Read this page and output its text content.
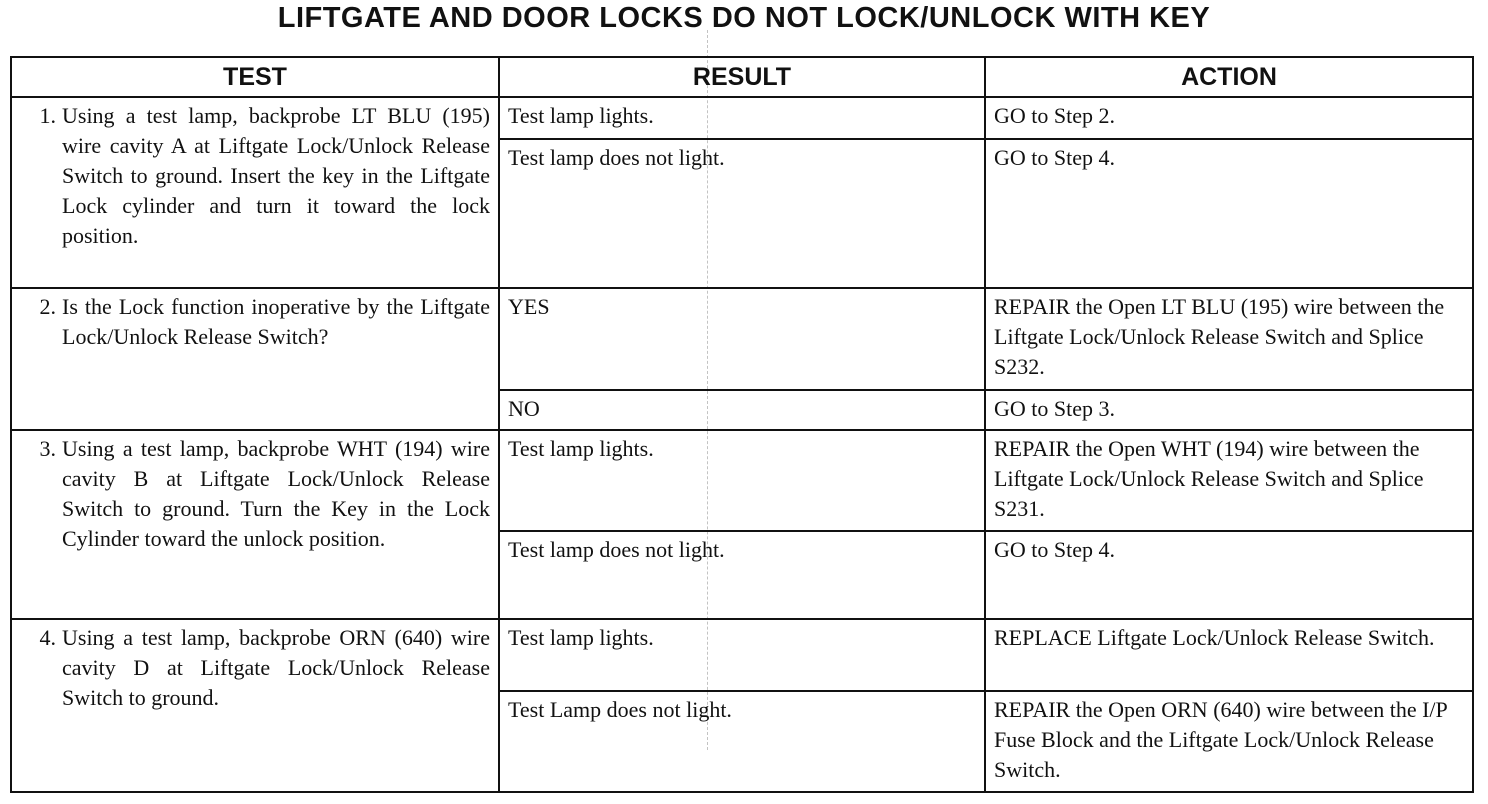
LIFTGATE AND DOOR LOCKS DO NOT LOCK/UNLOCK WITH KEY
TEST	RESULT	ACTION

1. Using a test lamp, backprobe LT BLU (195) wire cavity A at Liftgate Lock/Unlock Release Switch to ground. Insert the key in the Liftgate Lock cylinder and turn it toward the lock position.	Test lamp lights.	GO to Step 2.
	Test lamp does not light.	GO to Step 4.

2. Is the Lock function inoperative by the Liftgate Lock/Unlock Release Switch?	YES	REPAIR the Open LT BLU (195) wire between the Liftgate Lock/Unlock Release Switch and Splice S232.
	NO	GO to Step 3.

3. Using a test lamp, backprobe WHT (194) wire cavity B at Liftgate Lock/Unlock Release Switch to ground. Turn the Key in the Lock Cylinder toward the unlock position.	Test lamp lights.	REPAIR the Open WHT (194) wire between the Liftgate Lock/Unlock Release Switch and Splice S231.
	Test lamp does not light.	GO to Step 4.

4. Using a test lamp, backprobe ORN (640) wire cavity D at Liftgate Lock/Unlock Release Switch to ground.	Test lamp lights.	REPLACE Liftgate Lock/Unlock Release Switch.
	Test Lamp does not light.	REPAIR the Open ORN (640) wire between the I/P Fuse Block and the Liftgate Lock/Unlock Release Switch.
